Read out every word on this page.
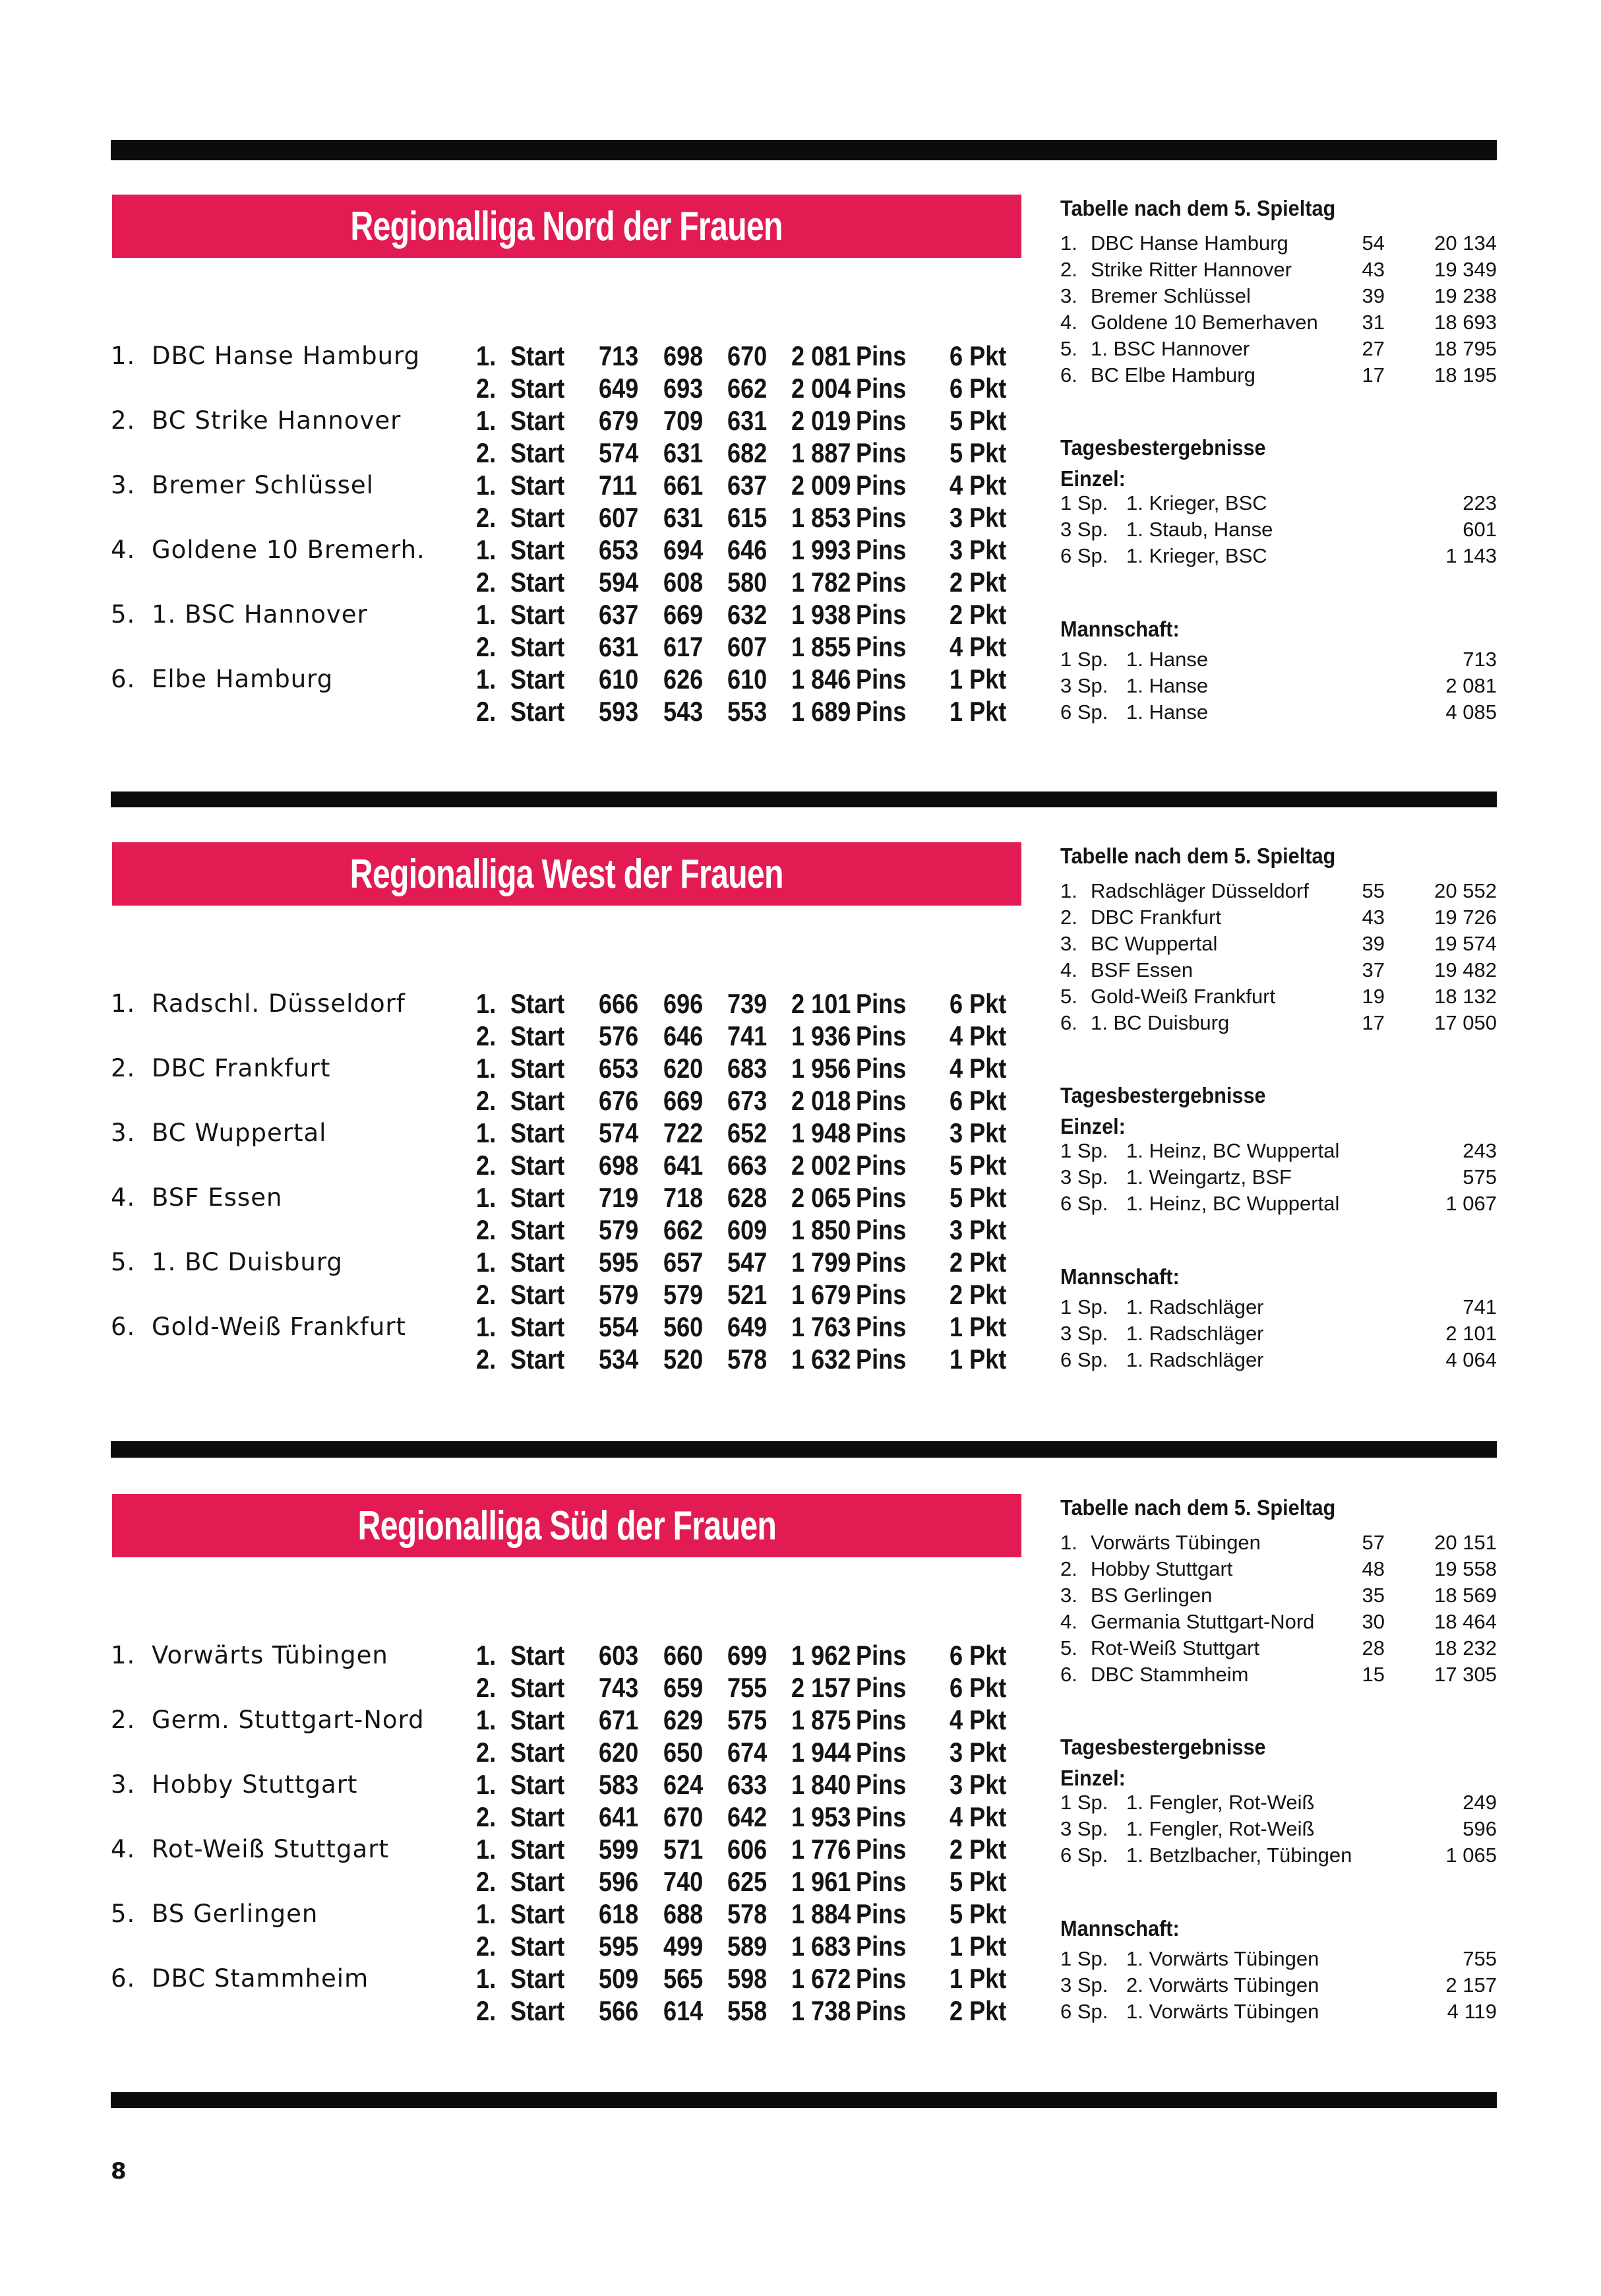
Regionalliga Nord der Frauen
1. DBC Hanse Hamburg 1. Start 713 698 670 2 081 Pins 6 Pkt
2. Start 649 693 662 2 004 Pins 6 Pkt
2. BC Strike Hannover	1. Start 679 709 631 2 019 Pins 5 Pkt
2. Start 574 631 682 1 887 Pins 5 Pkt
3. Bremer Schlüssel	1. Start 711 661 637 2 009 Pins 4 Pkt
2. Start 607 631 615 1 853 Pins 3 Pkt
4. Goldene 10 Bremerh. 1. Start 653 694 646 1 993 Pins 3 Pkt
2. Start 594 608 580 1 782 Pins 2 Pkt
5. 1. BSC Hannover	1. Start 637 669 632 1 938 Pins 2 Pkt
2. Start 631 617 607 1 855 Pins 4 Pkt
6. Elbe Hamburg	1. Start 610 626 610 1 846 Pins 1 Pkt
2. Start 593 543 553 1 689 Pins 1 Pkt
Tabelle nach dem 5. Spieltag
1. DBC Hanse Hamburg	54 20 134
2. Strike Ritter Hannover	43 19 349
3. Bremer Schlüssel	39 19 238
4. Goldene 10 Bemerhaven 31 18 693
5. 1. BSC Hannover	27 18 795
6. BC Elbe Hamburg	17 18 195
Tagesbestergebnisse
Einzel:
1 Sp. 1. Krieger, BSC	223
3 Sp. 1. Staub, Hanse	601
6 Sp. 1. Krieger, BSC	1 143
Mannschaft:
1 Sp. 1. Hanse	713
3 Sp. 1. Hanse	2 081
6 Sp. 1. Hanse	4 085
Regionalliga West der Frauen
1. Radschl. Düsseldorf	1. Start 666 696 739 2 101 Pins 6 Pkt
2. Start 576 646 741 1 936 Pins 4 Pkt
2. DBC Frankfurt	1. Start 653 620 683 1 956 Pins 4 Pkt
2. Start 676 669 673 2 018 Pins 6 Pkt
3. BC Wuppertal	1. Start 574 722 652 1 948 Pins 3 Pkt
2. Start 698 641 663 2 002 Pins 5 Pkt
4. BSF Essen	1. Start 719 718 628 2 065 Pins 5 Pkt
2. Start 579 662 609 1 850 Pins 3 Pkt
5. 1. BC Duisburg	1. Start 595 657 547 1 799 Pins 2 Pkt
2. Start 579 579 521 1 679 Pins 2 Pkt
6. Gold-Weiß Frankfurt	1. Start 554 560 649 1 763 Pins 1 Pkt
2. Start 534 520 578 1 632 Pins 1 Pkt
Tabelle nach dem 5. Spieltag
1. Radschläger Düsseldorf	55 20 552
2. DBC Frankfurt	43 19 726
3. BC Wuppertal	39 19 574
4. BSF Essen	37 19 482
5. Gold-Weiß Frankfurt	19 18 132
6. 1. BC Duisburg	17 17 050
Tagesbestergebnisse
Einzel:
1 Sp. 1. Heinz, BC Wuppertal	243
3 Sp. 1. Weingartz, BSF	575
6 Sp. 1. Heinz, BC Wuppertal	1 067
Mannschaft:
1 Sp. 1. Radschläger	741
3 Sp. 1. Radschläger	2 101
6 Sp. 1. Radschläger	4 064
Regionalliga Süd der Frauen
1. Vorwärts Tübingen	1. Start 603 660 699 1 962 Pins 6 Pkt
2. Start 743 659 755 2 157 Pins 6 Pkt
2. Germ. Stuttgart-Nord 1. Start 671 629 575 1 875 Pins 4 Pkt
2. Start 620 650 674 1 944 Pins 3 Pkt
3. Hobby Stuttgart	1. Start 583 624 633 1 840 Pins 3 Pkt
2. Start 641 670 642 1 953 Pins 4 Pkt
4. Rot-Weiß Stuttgart	1. Start 599 571 606 1 776 Pins 2 Pkt
2. Start 596 740 625 1 961 Pins 5 Pkt
5. BS Gerlingen	1. Start 618 688 578 1 884 Pins 5 Pkt
2. Start 595 499 589 1 683 Pins 1 Pkt
6. DBC Stammheim	1. Start 509 565 598 1 672 Pins 1 Pkt
2. Start 566 614 558 1 738 Pins 2 Pkt
Tabelle nach dem 5. Spieltag
1. Vorwärts Tübingen	57 20 151
2. Hobby Stuttgart	48 19 558
3. BS Gerlingen	35 18 569
4. Germania Stuttgart-Nord 30 18 464
5. Rot-Weiß Stuttgart	28 18 232
6. DBC Stammheim	15 17 305
Tagesbestergebnisse
Einzel:
1 Sp. 1. Fengler, Rot-Weiß	249
3 Sp. 1. Fengler, Rot-Weiß	596
6 Sp. 1. Betzlbacher, Tübingen	1 065
Mannschaft:
1 Sp. 1. Vorwärts Tübingen	755
3 Sp. 2. Vorwärts Tübingen	2 157
6 Sp. 1. Vorwärts Tübingen	4 119
8
